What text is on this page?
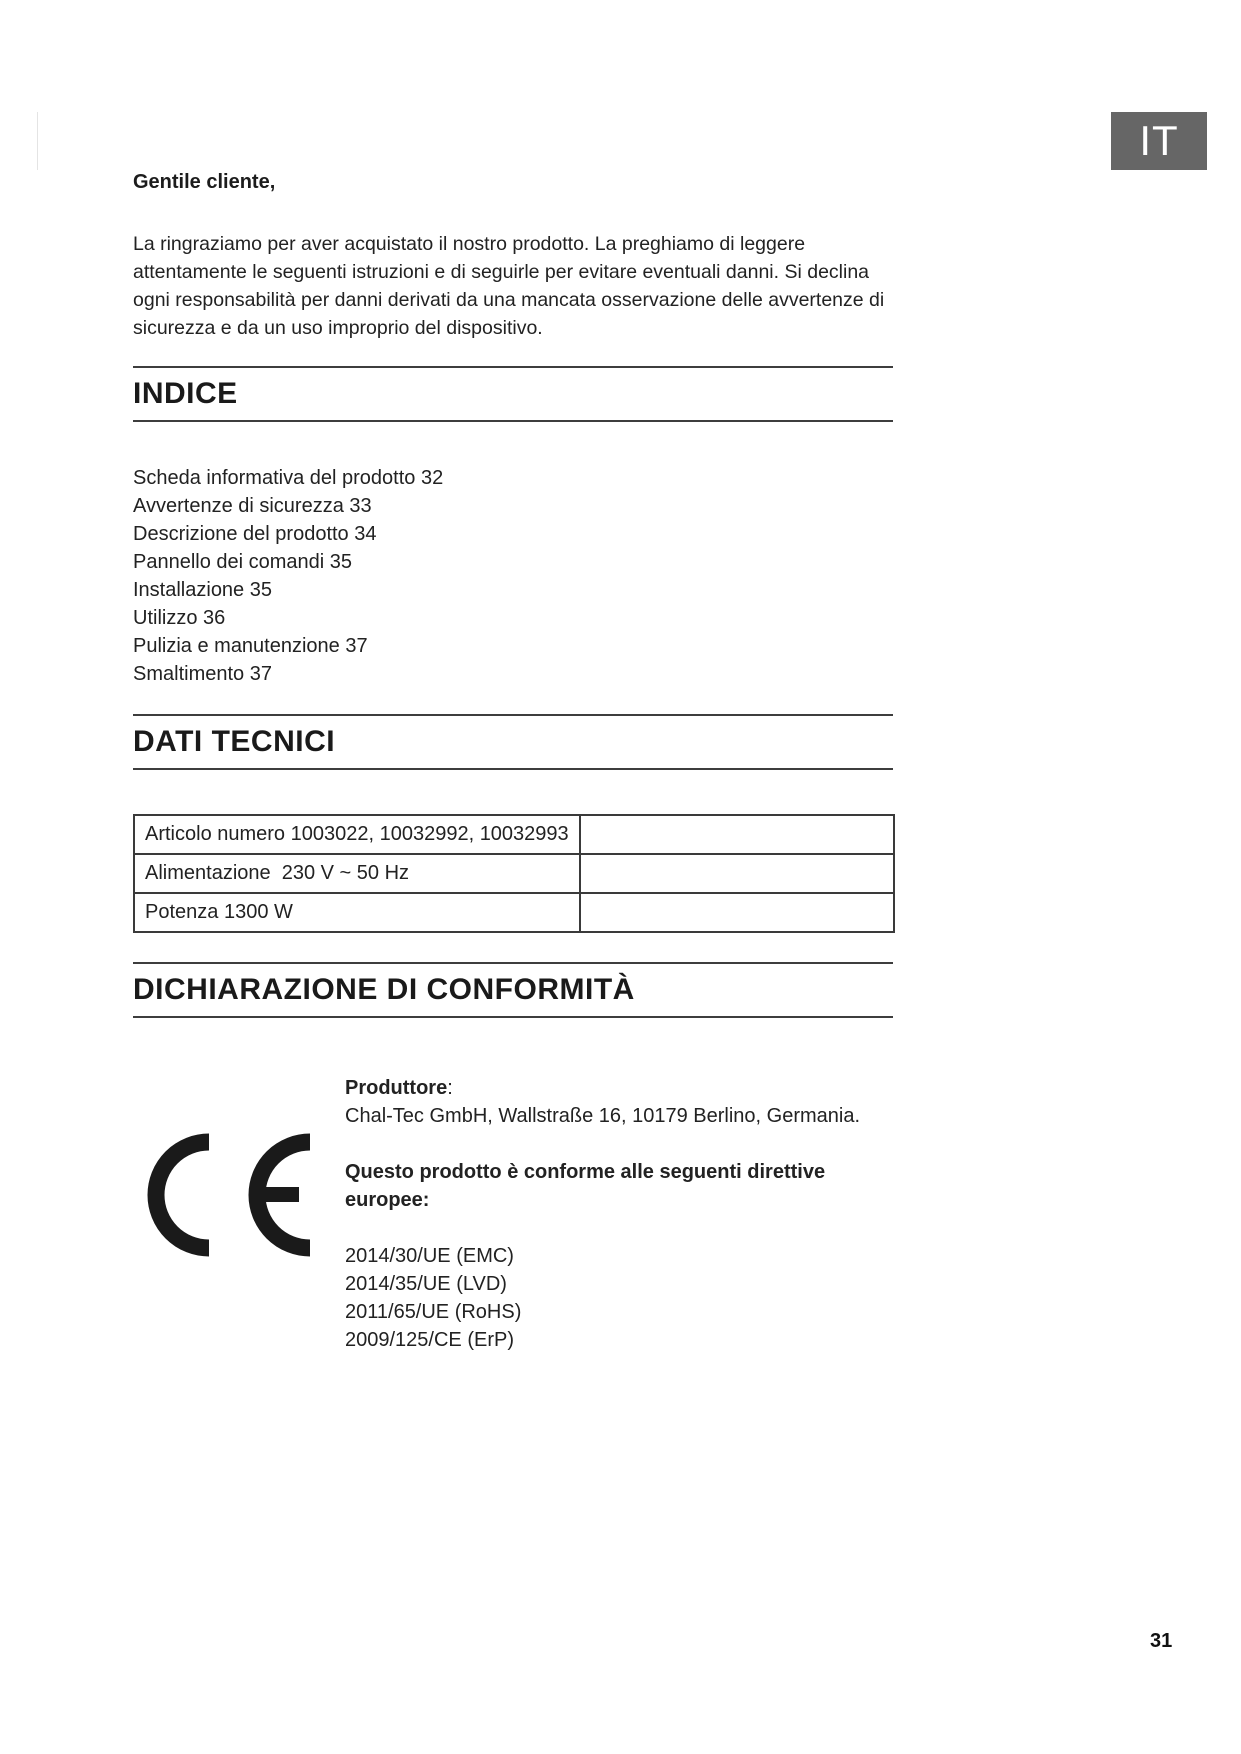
IT

Gentile cliente,

La ringraziamo per aver acquistato il nostro prodotto. La preghiamo di leggere attentamente le seguenti istruzioni e di seguirle per evitare eventuali danni. Si declina ogni responsabilità per danni derivati da una mancata osservazione delle avvertenze di sicurezza e da un uso improprio del dispositivo.

INDICE
Scheda informativa del prodotto 32
Avvertenze di sicurezza 33
Descrizione del prodotto 34
Pannello dei comandi 35
Installazione 35
Utilizzo 36
Pulizia e manutenzione 37
Smaltimento 37
DATI TECNICI
Articolo numero 1003022, 10032992, 10032993	
Alimentazione  230 V ~ 50 Hz	
Potenza 1300 W	
DICHIARAZIONE DI CONFORMITÀ

Produttore:

Chal-Tec GmbH, Wallstraße 16, 10179 Berlino, Germania.

Questo prodotto è conforme alle seguenti direttive

europee:

2014/30/UE (EMC)

2014/35/UE (LVD)

2011/65/UE (RoHS)

2009/125/CE (ErP)

31
